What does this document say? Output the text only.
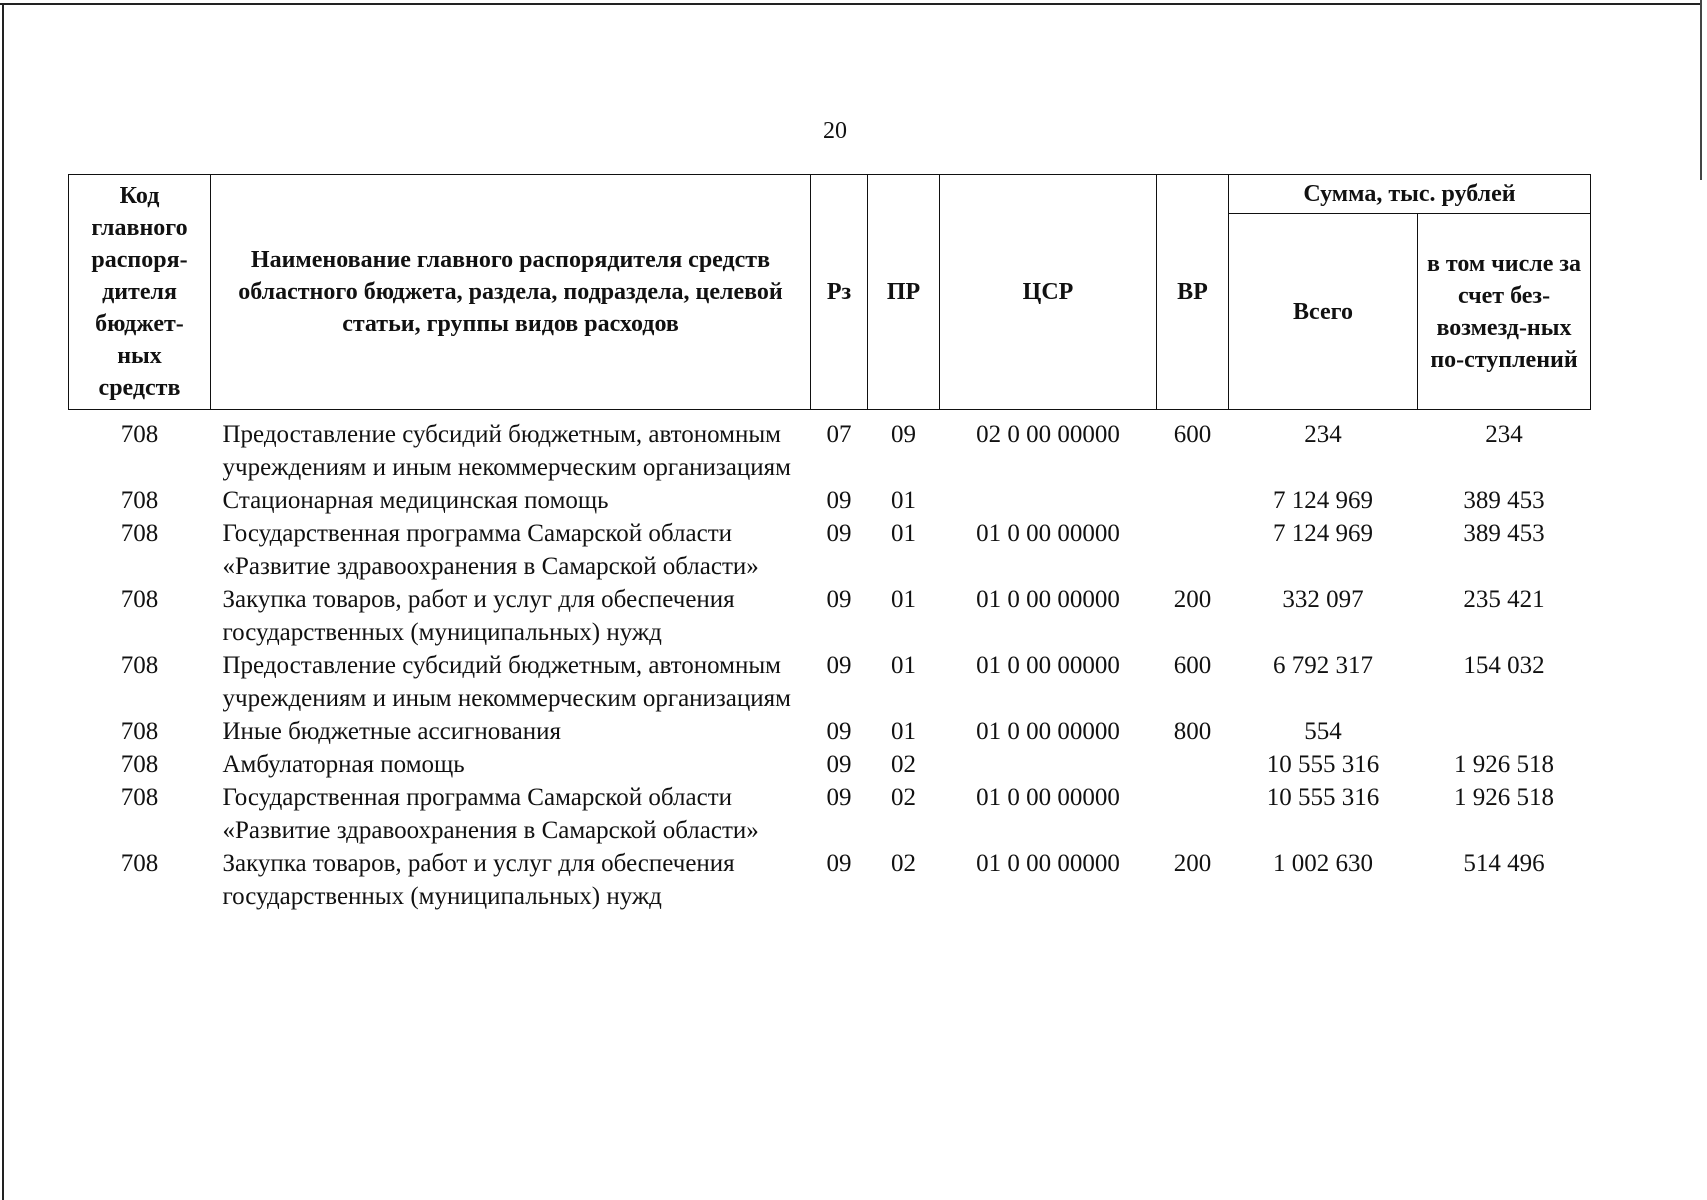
20
Код главного распоря-дителя бюджет-ных средств	Наименование главного распорядителя средств областного бюджета, раздела, подраздела, целевой статьи, группы видов расходов	Рз	ПР	ЦСР	ВР	Сумма, тыс. рублей	
						Всего	в том числе за счет без-возмезд-ных по-ступлений
708	Предоставление субсидий бюджетным, автономным учреждениям и иным некоммерческим организациям	07	09	02 0 00 00000	600	234	234
708	Стационарная медицинская помощь	09	01			7 124 969	389 453
708	Государственная программа Самарской области «Развитие здравоохранения в Самарской области»	09	01	01 0 00 00000		7 124 969	389 453
708	Закупка товаров, работ и услуг для обеспечения государственных (муниципальных) нужд	09	01	01 0 00 00000	200	332 097	235 421
708	Предоставление субсидий бюджетным, автономным учреждениям и иным некоммерческим организациям	09	01	01 0 00 00000	600	6 792 317	154 032
708	Иные бюджетные ассигнования	09	01	01 0 00 00000	800	554	
708	Амбулаторная помощь	09	02			10 555 316	1 926 518
708	Государственная программа Самарской области «Развитие здравоохранения в Самарской области»	09	02	01 0 00 00000		10 555 316	1 926 518
708	Закупка товаров, работ и услуг для обеспечения государственных (муниципальных) нужд	09	02	01 0 00 00000	200	1 002 630	514 496
